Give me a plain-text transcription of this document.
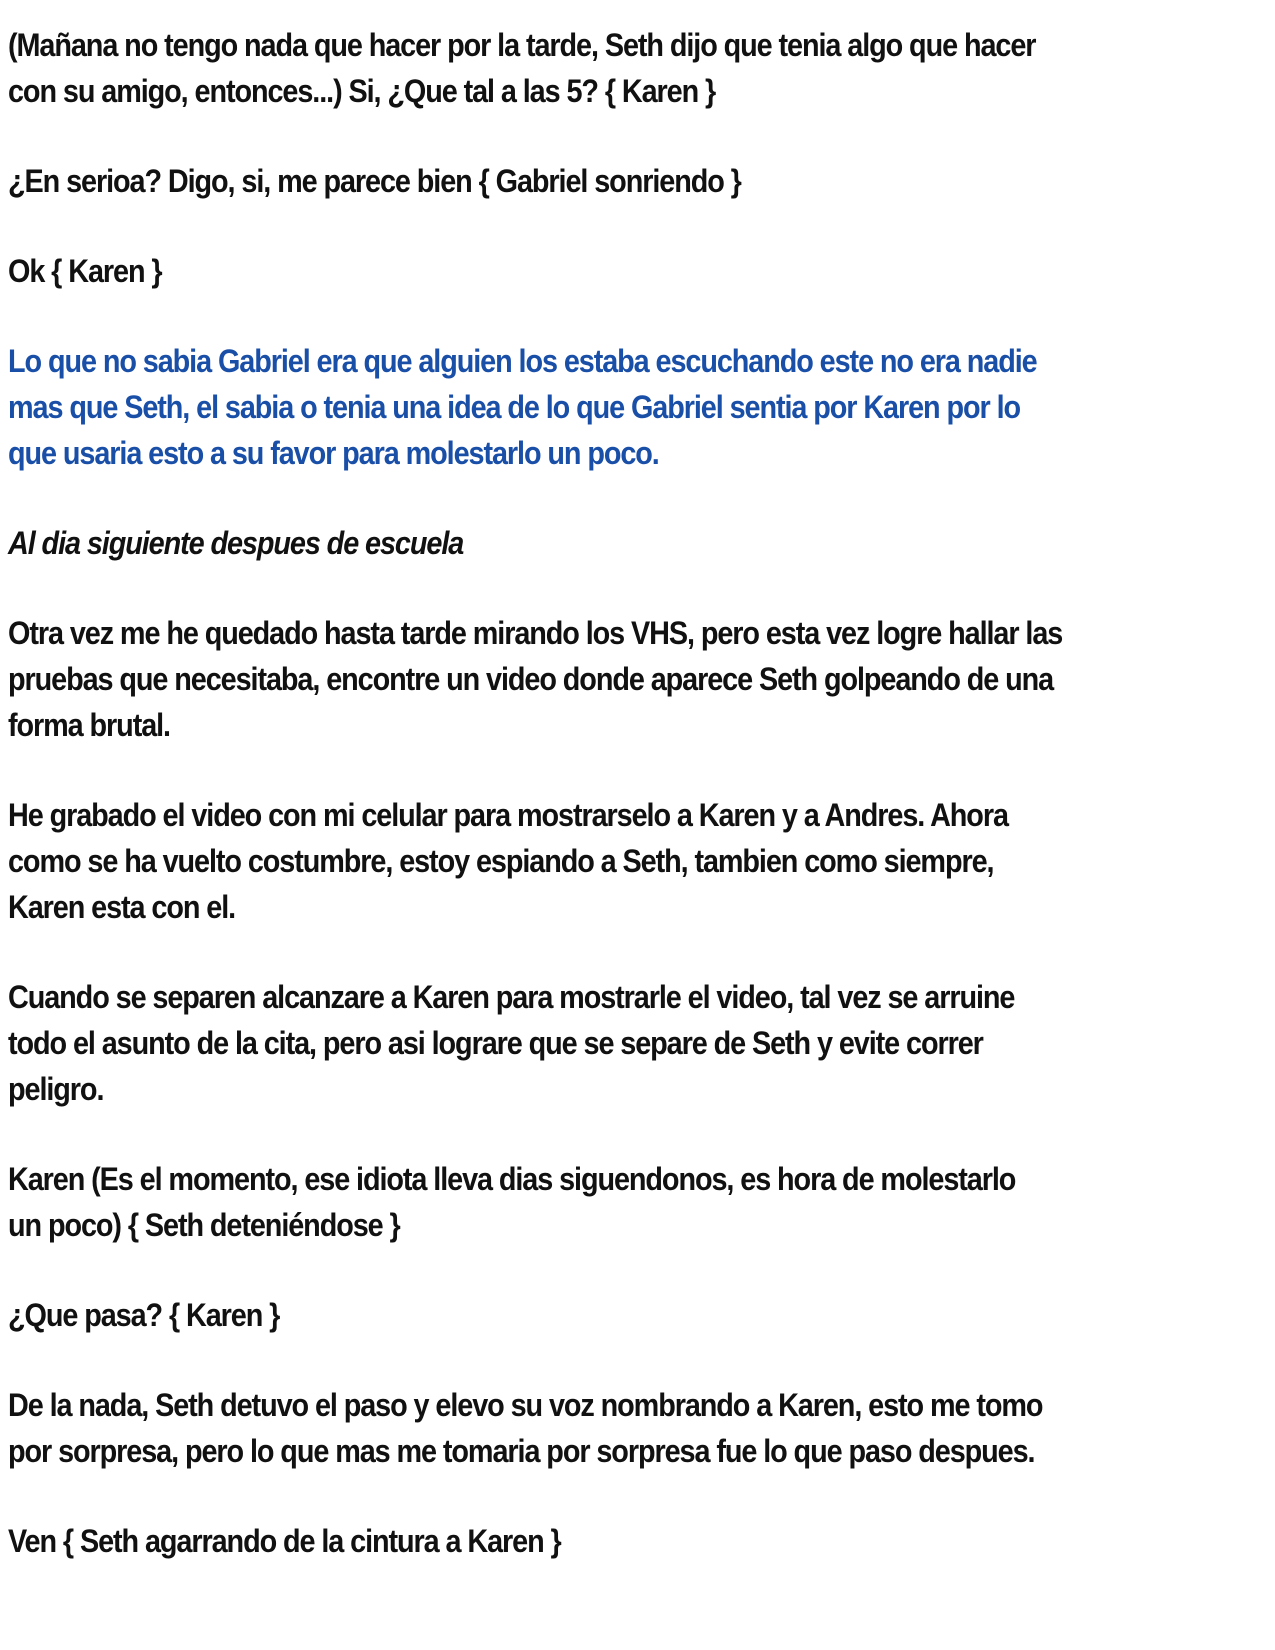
(Mañana no tengo nada que hacer por la tarde, Seth dijo que tenia algo que hacer
con su amigo, entonces...) Si, ¿Que tal a las 5? { Karen }

¿En serioa? Digo, si, me parece bien { Gabriel sonriendo }

Ok { Karen }

Lo que no sabia Gabriel era que alguien los estaba escuchando este no era nadie
mas que Seth, el sabia o tenia una idea de lo que Gabriel sentia por Karen por lo
que usaria esto a su favor para molestarlo un poco.

Al dia siguiente despues de escuela

Otra vez me he quedado hasta tarde mirando los VHS, pero esta vez logre hallar las
pruebas que necesitaba, encontre un video donde aparece Seth golpeando de una
forma brutal.

He grabado el video con mi celular para mostrarselo a Karen y a Andres. Ahora
como se ha vuelto costumbre, estoy espiando a Seth, tambien como siempre,
Karen esta con el.

Cuando se separen alcanzare a Karen para mostrarle el video, tal vez se arruine
todo el asunto de la cita, pero asi lograre que se separe de Seth y evite correr
peligro.

Karen (Es el momento, ese idiota lleva dias siguendonos, es hora de molestarlo
un poco) { Seth deteniéndose }

¿Que pasa? { Karen }

De la nada, Seth detuvo el paso y elevo su voz nombrando a Karen, esto me tomo
por sorpresa, pero lo que mas me tomaria por sorpresa fue lo que paso despues.

Ven { Seth agarrando de la cintura a Karen }
